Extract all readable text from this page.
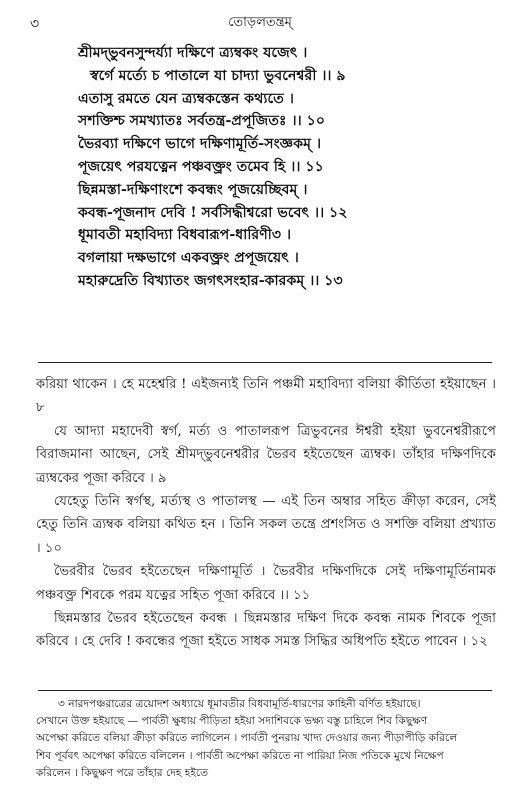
৩	তোড়লতন্ত্রম্‌
শ্রীমদ্‌ভুবনসুন্দর্য্যা দক্ষিণে ত্র্যম্বকং যজেৎ ।
স্বর্গে মর্ত্যে চ পাতালে যা চাদ্যা ভুবনেশ্বরী ।। ৯
এতাসু রমতে যেন ত্র্যম্বকস্তেন কথ্যতে ।
সশক্তিশ্চ সমখ্যাতঃ সর্বতন্ত্র-প্রপূজিতঃ ।। ১০
ভৈরব্যা দক্ষিণে ভাগে দক্ষিণামূর্তি-সংজ্ঞকম্‌ ।
পূজয়েৎ পরযত্নেন পঞ্চবক্ত্রং তমেব হি ।। ১১
ছিন্নমস্তা-দক্ষিণাংশে কবন্ধং পূজয়েচ্ছিবম্‌ ।
কবন্ধ-পূজনাদ দেবি ! সর্বসিদ্ধীশ্বরো ভবেৎ ।। ১২
ধূমাবতী মহাবিদ্যা বিধবারূপ-ধারিণী৩ ।
বগলায়া দক্ষভাগে একবক্ত্রং প্রপূজয়েৎ ।
মহারুদ্রেতি বিখ্যাতং জগৎসংহার-কারকম্‌ ।। ১৩

করিয়া থাকেন । হে মহেশ্বরি ! এইজন্যই তিনি পঞ্চমী মহাবিদ্যা বলিয়া কীর্তিতা হইয়াছেন । ৮

যে আদ্যা মহাদেবী স্বর্গ, মর্ত্য ও পাতালরূপ ত্রিভুবনের ঈশ্বরী হইয়া ভুবনেশ্বরীরূপে বিরাজমানা আছেন, সেই শ্রীমদ্‌ভুবনেশ্বরীর ভৈরব হইতেছেন ত্র্যম্বক। তাঁহার দক্ষিণদিকে ত্র্যম্বকের পূজা করিবে । ৯

যেহেতু তিনি স্বর্গস্থ, মর্ত্যস্থ ও পাতালস্থ — এই তিন অম্বার সহিত ক্রীড়া করেন, সেই হেতু তিনি ত্র্যম্বক বলিয়া কথিত হন । তিনি সকল তন্ত্রে প্রশংসিত ও সশক্তি বলিয়া প্রখ্যাত । ১০

ভৈরবীর ভৈরব হইতেছেন দক্ষিণামূর্তি । ভৈরবীর দক্ষিণদিকে সেই দক্ষিণামূর্তিনামক পঞ্চবক্ত্র শিবকে পরম যত্নের সহিত পূজা করিবে ।। ১১

ছিন্নমস্তার ভৈরব হইতেছেন কবন্ধ । ছিন্নমস্তার দক্ষিণ দিকে কবন্ধ নামক শিবকে পূজা করিবে । হে দেবি ! কবন্ধের পূজা হইতে সাধক সমস্ত সিদ্ধির অধিপতি হইতে পাবেন । ১২

৩ নারদপঞ্চরাত্রের ত্রয়োদশ অধ্যায়ে ধূমাবতীর বিধবামূর্তি-ধারণের কাহিনী বর্ণিত হইয়াছে।
সেখানে উক্ত হইয়াছে — পার্বতী ক্ষুধায় পীড়িতা হইয়া সদাশিবকে ভক্ষ্য বস্তু চাহিলে শিব কিছুক্ষণ
অপেক্ষা করিতে বলিয়া ক্রীড়া করিতে লাগিলেন । পার্বতী পুনরায় খাদ্য দেওয়ার জন্য পীড়াপীড়ি করিলে
শিব পূর্ববৎ অপেক্ষা করিতে বলিলেন । পার্বতী অপেক্ষা করিতে না পারিয়া নিজ পতিকে মুখে নিক্ষেপ
করিলেন । কিছুক্ষণ পরে তাঁহার দেহ হইতে
